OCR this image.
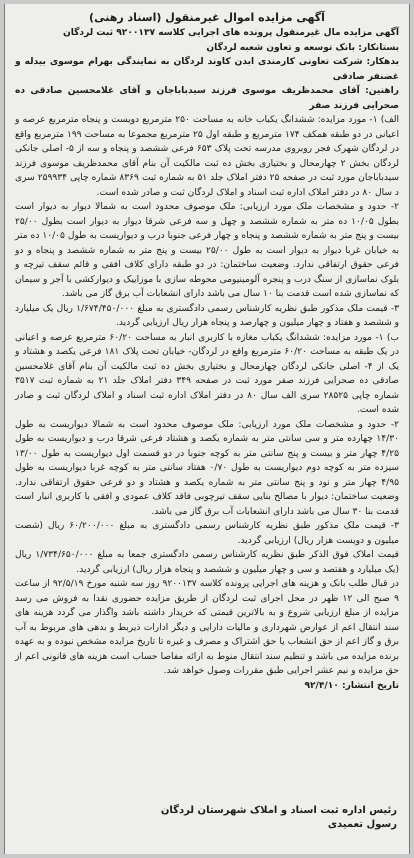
آگهی مزایده اموال غیرمنقول (اسناد رهنی)

آگهی مزایده مال غیرمنقول پرونده های اجرایی کلاسه ۹۲۰۰۱۳۷ ثبت لردگان

بستانکار: بانک توسعه و تعاون شعبه لردگان

بدهکار: شرکت تعاونی کارمندی ابدن کاوند لردگان به نمایندگی بهرام موسوی بیدله و غضنفر صادقی

راهنین: آقای محمدظریف موسوی فرزند سیدباباجان و آقای غلامحسین صادقی ده صحرایی فرزند صفر

الف) ۱- مورد مزایده: ششدانگ یکباب خانه به مساحت ۲۵۰ مترمربع دویست و پنجاه مترمربع عرصه و اعیانی در دو طبقه همکف ۱۷۴ مترمربع و طبقه اول ۲۵ مترمربع مجموعا به مساحت ۱۹۹ مترمربع واقع در لردگان شهرک فجر روبروی مدرسه تحت پلاک ۶۵۳ فرعی ششصد و پنجاه و سه از ۵- اصلی جانکی لردگان بخش ۲ چهارمحال و بختیاری بخش ده ثبت مالکیت آن بنام آقای محمدظریف موسوی فرزند سیدباباجان مورد ثبت در صفحه ۲۵ دفتر املاک جلد ۵۱ به شماره ثبت ۸۳۶۹ شماره چاپی ۲۵۹۹۳۴ سری د سال ۸۰ در دفتر املاک اداره ثبت اسناد و املاک لردگان ثبت و صادر شده است.

۲- حدود و مشخصات ملک مورد ارزیابی: ملک موصوف محدود است به شمالا دیوار به دیوار است بطول ۱۰/۰۵ ده متر به شماره ششصد و چهل و سه فرعی شرقا دیوار به دیوار است بطول ۲۵/۰۰ بیست و پنج متر به شماره ششصد و پنجاه و چهار فرعی جنوبا درب و دیواریست به طول ۱۰/۰۵ ده متر به خیابان غربا دیوار به دیوار است به طول ۲۵/۰۰ بیست و پنج متر به شماره ششصد و پنجاه و دو فرعی حقوق ارتفاقی ندارد. وضعیت ساختمان: در دو طبقه دارای کلاف افقی و قائم سقف تیرچه و بلوک نماسازی از سنگ درب و پنجره آلومینیومی محوطه سازی با موزاییک و دیوارکشی با آجر و سیمان که نماسازی شده است قدمت بنا ۱۰ سال می باشد دارای انشعابات آب برق گاز می باشد.

۳- قیمت ملک مذکور طبق نظریه کارشناس رسمی دادگستری به مبلغ ۱/۶۷۴/۴۵۰/۰۰۰ ریال یک میلیارد و ششصد و هفتاد و چهار میلیون و چهارصد و پنجاه هزار ریال ارزیابی گردید.

ب) ۱- مورد مزایده: ششدانگ یکباب مغازه با کاربری انبار به مساحت ۶۰/۲۰ مترمربع عرصه و اعیانی در یک طبقه به مساحت ۶۰/۲۰ مترمربع واقع در لردگان- خیابان تحت پلاک ۱۸۱ فرعی یکصد و هشتاد و یک از ۴- اصلی جانکی لردگان چهارمحال و بختیاری بخش ده ثبت مالکیت آن بنام آقای غلامحسین صادقی ده صحرایی فرزند صفر مورد ثبت در صفحه ۳۴۹ دفتر املاک جلد ۲۱ به شماره ثبت ۳۵۱۷ شماره چاپی ۲۸۵۲۵ سری الف سال ۸۰ در دفتر املاک اداره ثبت اسناد و املاک لردگان ثبت و صادر شده است.

۲- حدود و مشخصات ملک مورد ارزیابی: ملک موصوف محدود است به شمالا دیواریست به طول ۱۴/۳۰ چهارده متر و سی سانتی متر به شماره یکصد و هشتاد فرعی شرقا درب و دیواریست به طول ۴/۲۵ چهار متر و بیست و پنج سانتی متر به کوچه جنوبا در دو قسمت اول دیواریست به طول ۱۳/۰۰ سیزده متر به کوچه دوم دیواریست به طول ۰/۷۰ هفتاد سانتی متر به کوچه غربا دیواریست به طول ۴/۹۵ چهار متر و نود و پنج سانتی متر به شماره یکصد و هشتاد و دو فرعی حقوق ارتفاقی ندارد. وضعیت ساختمان: دیوار با مصالح بنایی سقف تیرچوبی فاقد کلاف عمودی و افقی با کاربری انبار است قدمت بنا ۳۰ سال می باشد دارای انشعابات آب برق گاز می باشد.

۳- قیمت ملک مذکور طبق نظریه کارشناس رسمی دادگستری به مبلغ ۶۰/۲۰۰/۰۰۰ ریال (شصت میلیون و دویست هزار ریال) ارزیابی گردید.

قیمت املاک فوق الذکر طبق نظریه کارشناس رسمی دادگستری جمعا به مبلغ ۱/۷۳۴/۶۵۰/۰۰۰ ریال (یک میلیارد و هفتصد و سی و چهار میلیون و ششصد و پنجاه هزار ریال) ارزیابی گردید.

در قبال طلب بانک و هزینه های اجرایی پرونده کلاسه ۹۲۰۰۱۳۷ روز سه شنبه مورخ ۹۲/۵/۱۹ از ساعت ۹ صبح الی ۱۲ ظهر در محل اجرای ثبت لردگان از طریق مزایده حضوری نقدا به فروش می رسد مزایده از مبلغ ارزیابی شروع و به بالاترین قیمتی که خریدار داشته باشد واگذار می گردد هزینه های سند انتقال اعم از عوارض شهرداری و مالیات دارایی و دیگر ادارات ذیربط و بدهی های مربوط به آب برق و گاز اعم از حق انشعاب یا حق اشتراک و مصرف و غیره تا تاریخ مزایده مشخص نبوده و به عهده برنده مزایده می باشد و تنظیم سند انتقال منوط به ارائه مفاصا حساب است هزینه های قانونی اعم از حق مزایده و نیم عشر اجرایی طبق مقررات وصول خواهد شد.

تاریخ انتشار: ۹۲/۴/۱۰

رئیس اداره ثبت اسناد و املاک شهرستان لردگان
رسول تعمیدی
